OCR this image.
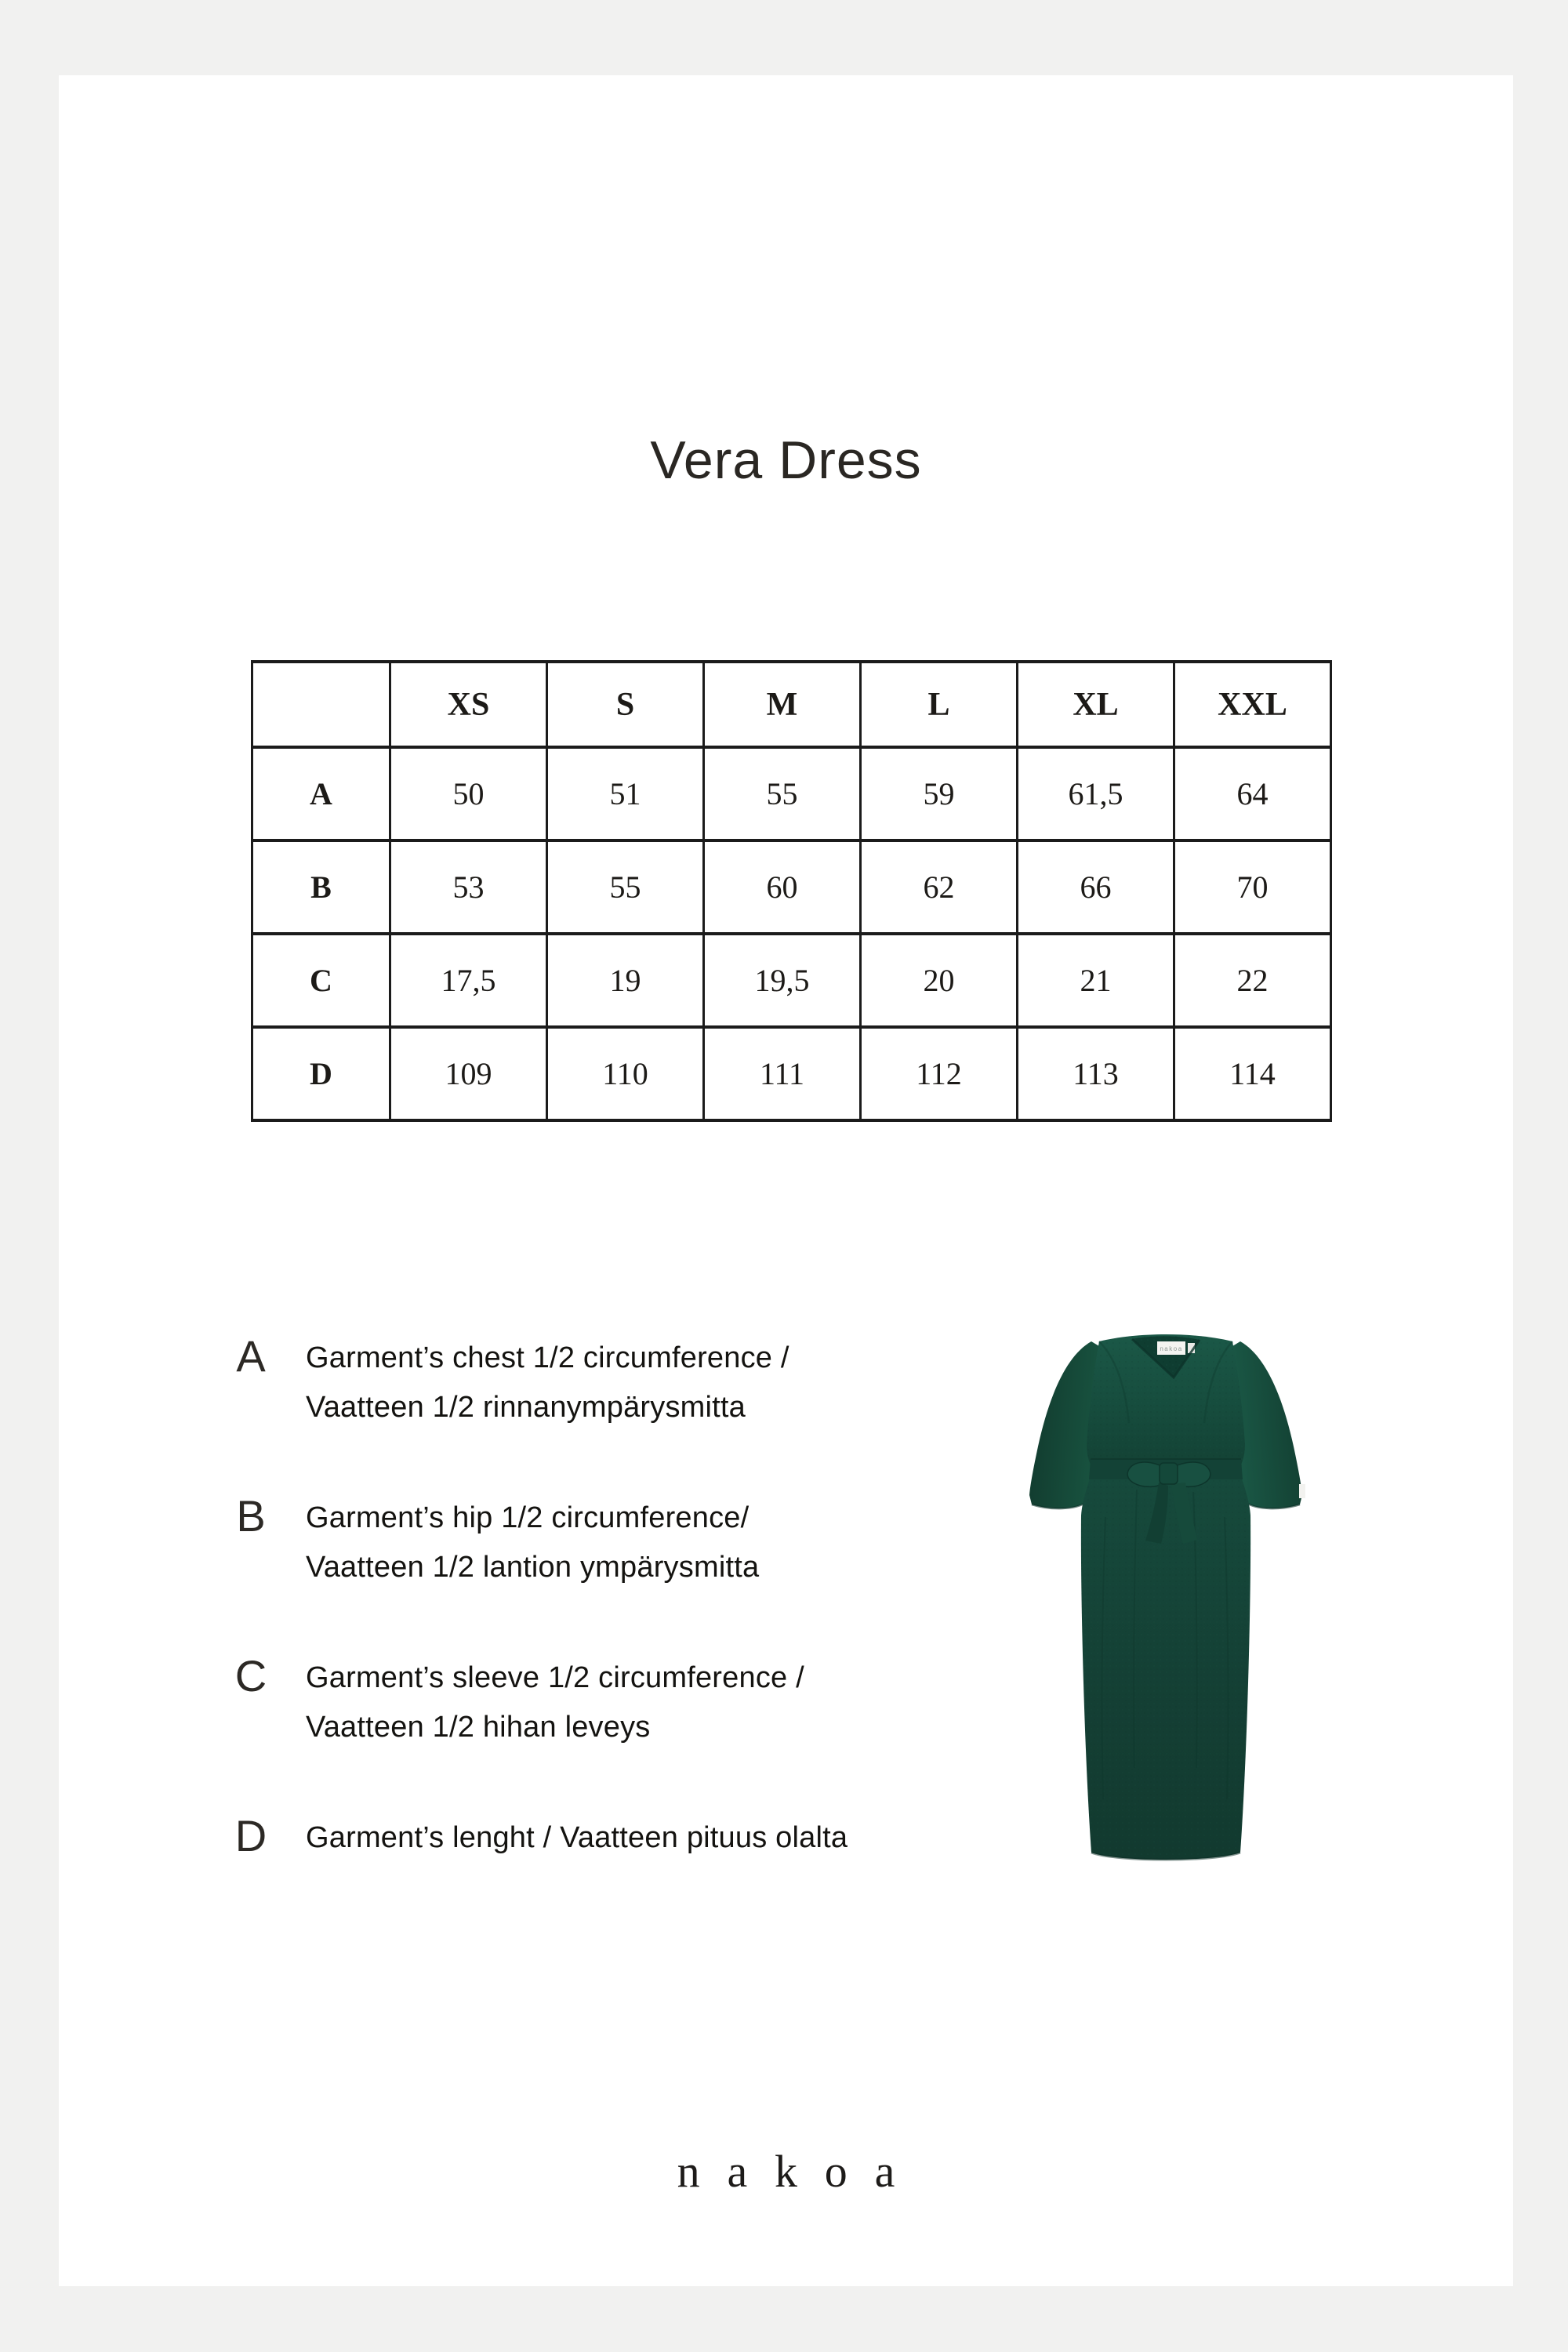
Vera Dress
	XS	S	M	L	XL	XXL
A	50	51	55	59	61,5	64
B	53	55	60	62	66	70
C	17,5	19	19,5	20	21	22
D	109	110	111	112	113	114
A	Garment’s chest 1/2 circumference /
Vaatteen 1/2 rinnanympärysmitta
B	Garment’s hip 1/2 circumference/
Vaatteen 1/2 lantion ympärysmitta
C	Garment’s sleeve 1/2 circumference /
Vaatteen 1/2 hihan leveys
D	Garment’s lenght / Vaatteen pituus olalta
nakoa
nakoa
